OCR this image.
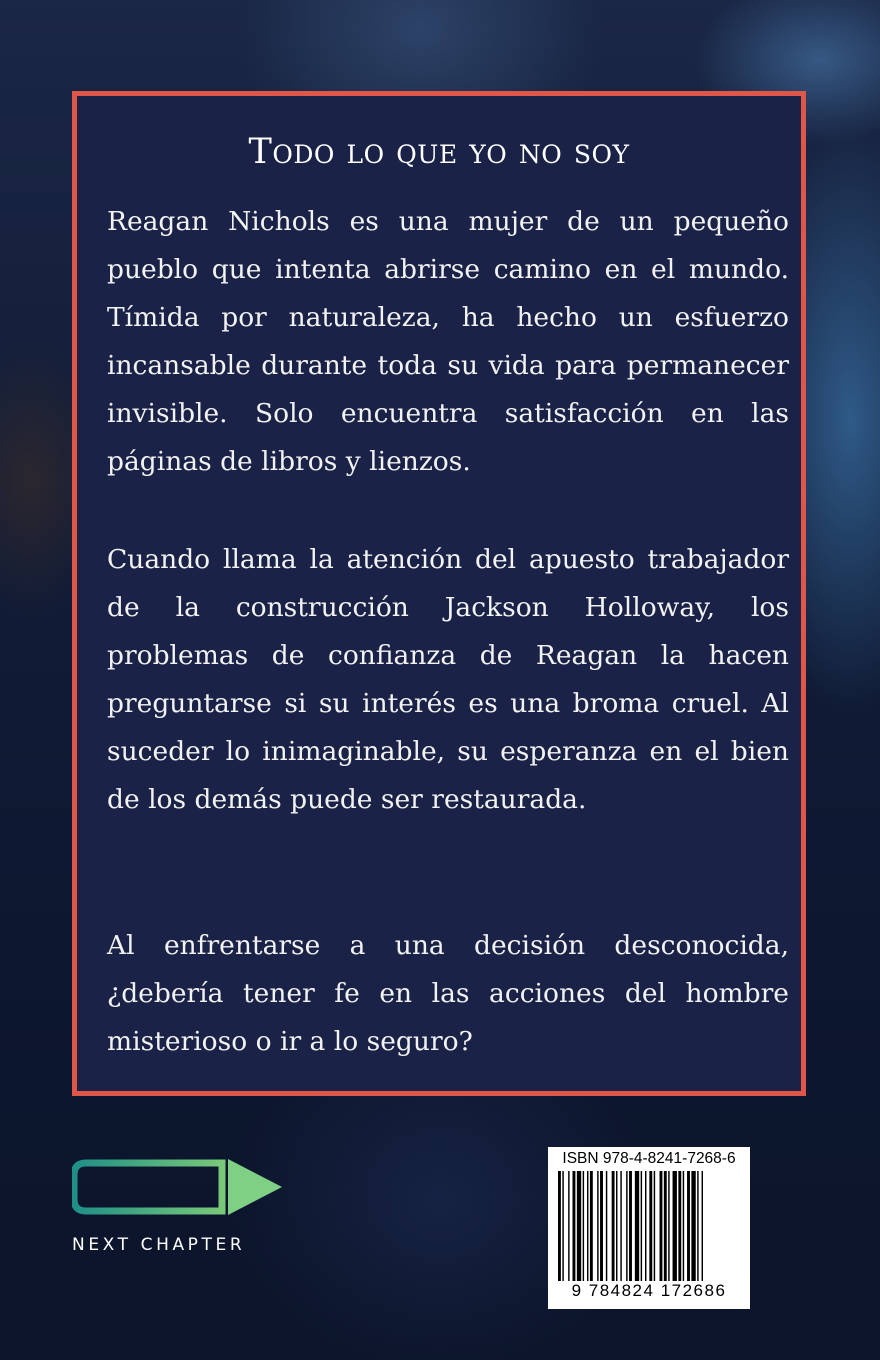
Todo lo que yo no soy

Reagan Nichols es una mujer de un pequeño pueblo que intenta abrirse camino en el mundo. Tímida por naturaleza, ha hecho un esfuerzo incansable durante toda su vida para permanecer invisible. Solo encuentra satisfacción en las páginas de libros y lienzos.

Cuando llama la atención del apuesto trabajador de la construcción Jackson Holloway, los problemas de confianza de Reagan la hacen preguntarse si su interés es una broma cruel. Al suceder lo inimaginable, su esperanza en el bien de los demás puede ser restaurada.

Al enfrentarse a una decisión desconocida, ¿debería tener fe en las acciones del hombre misterioso o ir a lo seguro?

NEXT CHAPTER
ISBN 978-4-8241-7268-6
9 784824 172686
